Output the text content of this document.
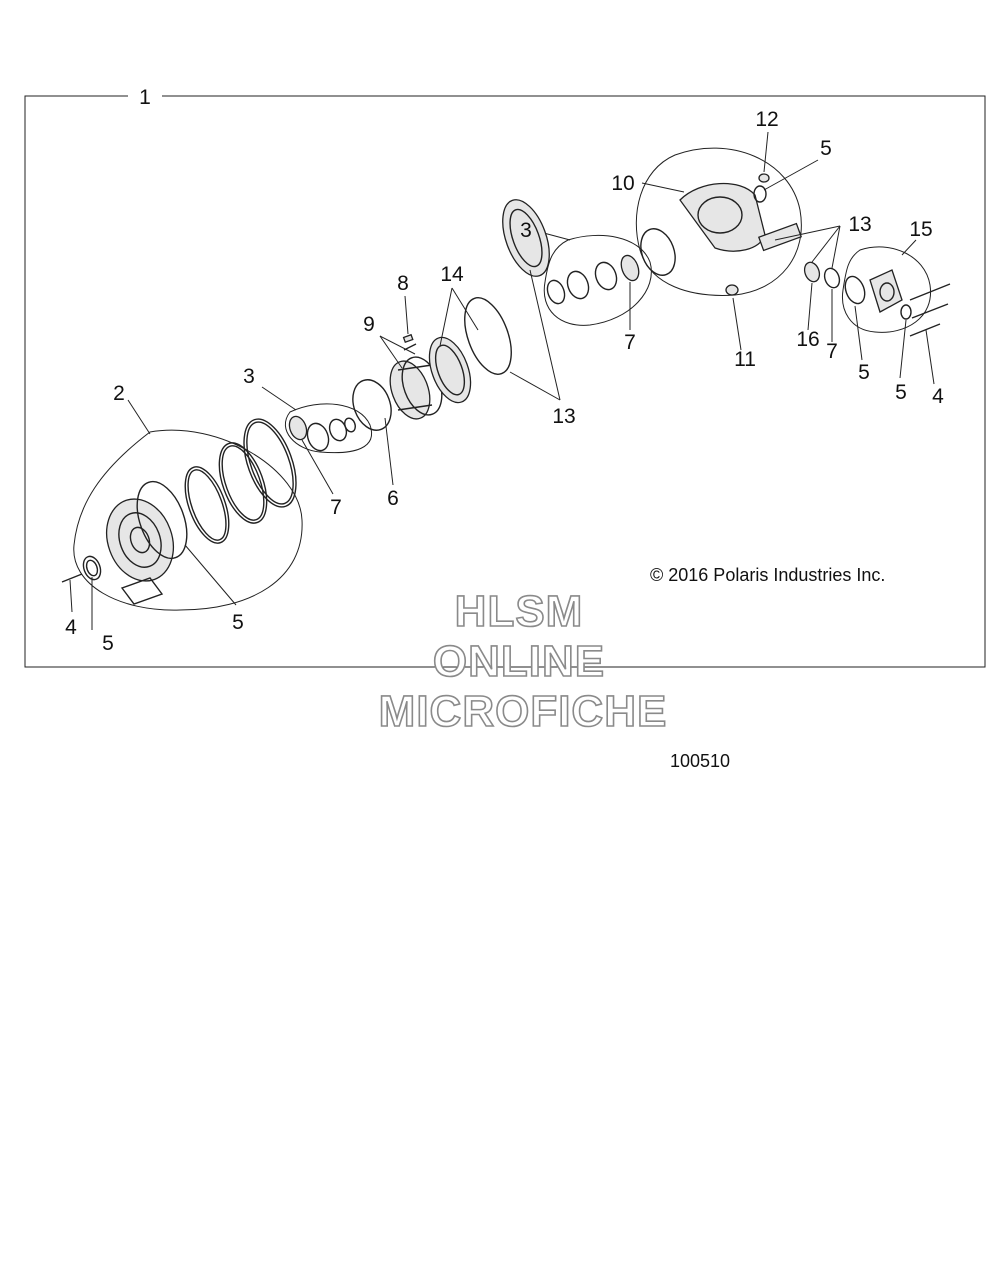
1
2
3
3
4
4
5
5
5
5
5
6
7
7	7
8
9
10
11
12
13
13
14
15
16
© 2016 Polaris Industries Inc.
HLSM
ONLINE
MICROFICHE
100510
